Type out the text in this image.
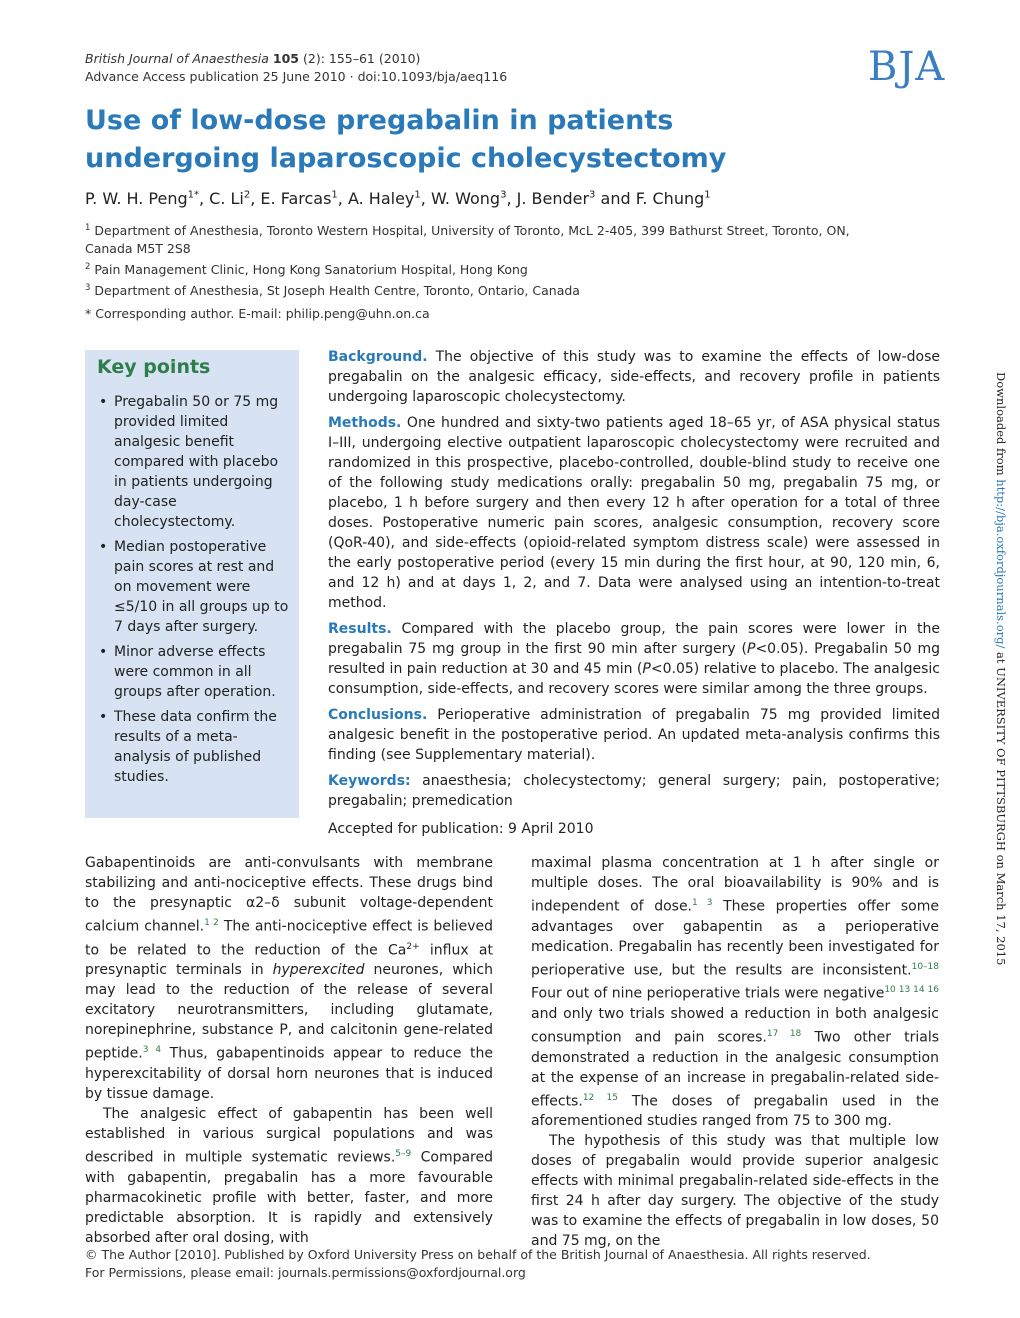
British Journal of Anaesthesia 105 (2): 155–61 (2010)
Advance Access publication 25 June 2010 · doi:10.1093/bja/aeq116	BJA
Use of low-dose pregabalin in patients undergoing laparoscopic cholecystectomy
P. W. H. Peng$^{1*}$, C. Li$^2$, E. Farcas$^1$, A. Haley$^1$, W. Wong$^3$, J. Bender$^3$ and F. Chung$^1$

$^1$ Department of Anesthesia, Toronto Western Hospital, University of Toronto, McL 2-405, 399 Bathurst Street, Toronto, ON, Canada M5T 2S8

$^2$ Pain Management Clinic, Hong Kong Sanatorium Hospital, Hong Kong

$^3$ Department of Anesthesia, St Joseph Health Centre, Toronto, Ontario, Canada

* Corresponding author. E-mail: philip.peng@uhn.on.ca

Key points
• Pregabalin 50 or 75 mg provided limited analgesic benefit compared with placebo in patients undergoing day-case cholecystectomy.
• Median postoperative pain scores at rest and on movement were ≤5/10 in all groups up to 7 days after surgery.
• Minor adverse effects were common in all groups after operation.
• These data confirm the results of a meta-analysis of published studies.

Background. The objective of this study was to examine the effects of low-dose pregabalin on the analgesic efficacy, side-effects, and recovery profile in patients undergoing laparoscopic cholecystectomy.

Methods. One hundred and sixty-two patients aged 18–65 yr, of ASA physical status I–III, undergoing elective outpatient laparoscopic cholecystectomy were recruited and randomized in this prospective, placebo-controlled, double-blind study to receive one of the following study medications orally: pregabalin 50 mg, pregabalin 75 mg, or placebo, 1 h before surgery and then every 12 h after operation for a total of three doses. Postoperative numeric pain scores, analgesic consumption, recovery score (QoR-40), and side-effects (opioid-related symptom distress scale) were assessed in the early postoperative period (every 15 min during the first hour, at 90, 120 min, 6, and 12 h) and at days 1, 2, and 7. Data were analysed using an intention-to-treat method.

Results. Compared with the placebo group, the pain scores were lower in the pregabalin 75 mg group in the first 90 min after surgery (P<0.05). Pregabalin 50 mg resulted in pain reduction at 30 and 45 min (P<0.05) relative to placebo. The analgesic consumption, side-effects, and recovery scores were similar among the three groups.

Conclusions. Perioperative administration of pregabalin 75 mg provided limited analgesic benefit in the postoperative period. An updated meta-analysis confirms this finding (see Supplementary material).

Keywords: anaesthesia; cholecystectomy; general surgery; pain, postoperative; pregabalin; premedication

Accepted for publication: 9 April 2010

Gabapentinoids are anti-convulsants with membrane stabilizing and anti-nociceptive effects. These drugs bind to the presynaptic α2–δ subunit voltage-dependent calcium channel.$^{1 2}$ The anti-nociceptive effect is believed to be related to the reduction of the $Ca^{2+}$ influx at presynaptic terminals in hyperexcited neurones, which may lead to the reduction of the release of several excitatory neurotransmitters, including glutamate, norepinephrine, substance P, and calcitonin gene-related peptide.$^{3 4}$ Thus, gabapentinoids appear to reduce the hyperexcitability of dorsal horn neurones that is induced by tissue damage.

The analgesic effect of gabapentin has been well established in various surgical populations and was described in multiple systematic reviews.$^{5-9}$ Compared with gabapentin, pregabalin has a more favourable pharmacokinetic profile with better, faster, and more predictable absorption. It is rapidly and extensively absorbed after oral dosing, with

maximal plasma concentration at 1 h after single or multiple doses. The oral bioavailability is 90% and is independent of dose.$^{1 3}$ These properties offer some advantages over gabapentin as a perioperative medication. Pregabalin has recently been investigated for perioperative use, but the results are inconsistent.$^{10-18}$ Four out of nine perioperative trials were negative$^{10 13 14 16}$ and only two trials showed a reduction in both analgesic consumption and pain scores.$^{17 18}$ Two other trials demonstrated a reduction in the analgesic consumption at the expense of an increase in pregabalin-related side-effects.$^{12 15}$ The doses of pregabalin used in the aforementioned studies ranged from 75 to 300 mg.

The hypothesis of this study was that multiple low doses of pregabalin would provide superior analgesic effects with minimal pregabalin-related side-effects in the first 24 h after day surgery. The objective of the study was to examine the effects of pregabalin in low doses, 50 and 75 mg, on the

Downloaded from http://bja.oxfordjournals.org/ at UNIVERSITY OF PITTSBURGH on March 17, 2015

© The Author [2010]. Published by Oxford University Press on behalf of the British Journal of Anaesthesia. All rights reserved.

For Permissions, please email: journals.permissions@oxfordjournal.org
